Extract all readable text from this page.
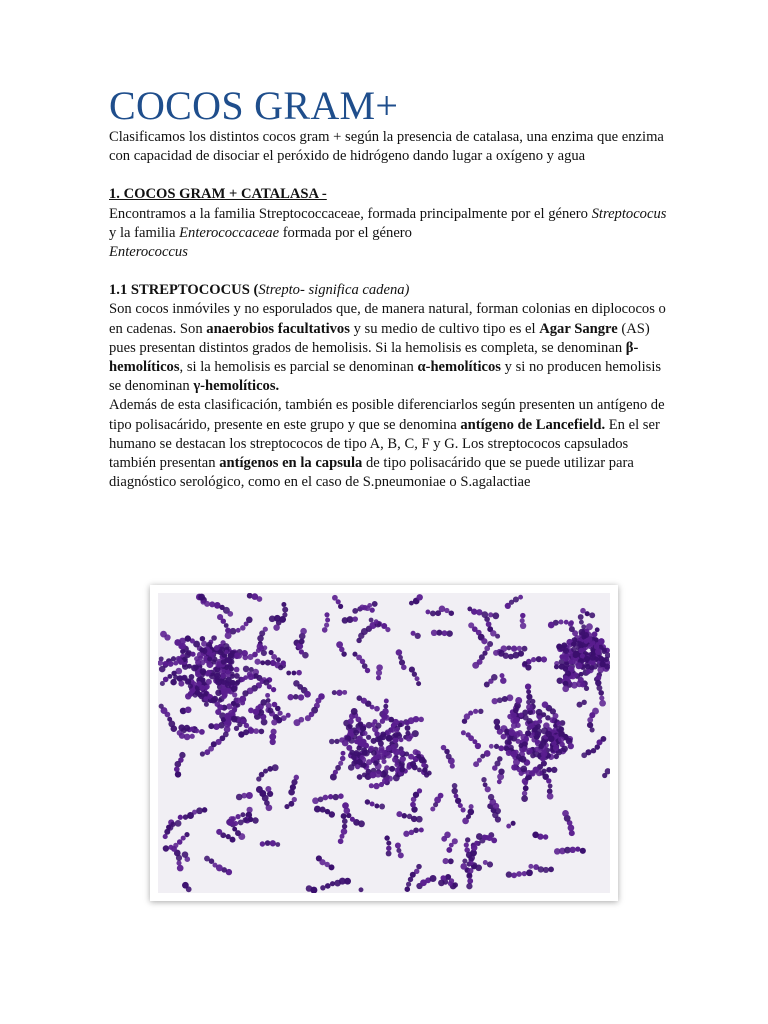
COCOS GRAM+

Clasificamos los distintos cocos gram + según la presencia de catalasa, una enzima que enzima con capacidad de disociar el peróxido de hidrógeno dando lugar a oxígeno y agua

1. COCOS GRAM + CATALASA -

Encontramos a la familia Streptococcaceae, formada principalmente por el género Streptococus y la familia Enterococcaceae formada por el género
Enterococcus

1.1 STREPTOCOCUS (Strepto- significa cadena)

Son cocos inmóviles y no esporulados que, de manera natural, forman colonias en diplococos o en cadenas. Son anaerobios facultativos y su medio de cultivo tipo es el Agar Sangre (AS) pues presentan distintos grados de hemolisis. Si la hemolisis es completa, se denominan β-hemolíticos, si la hemolisis es parcial se denominan α-hemolíticos y si no producen hemolisis se denominan γ-hemolíticos.

Además de esta clasificación, también es posible diferenciarlos según presenten un antígeno de tipo polisacárido, presente en este grupo y que se denomina antígeno de Lancefield. En el ser humano se destacan los streptococos de tipo A, B, C, F y G. Los streptococos capsulados también presentan antígenos en la capsula de tipo polisacárido que se puede utilizar para diagnóstico serológico, como en el caso de S.pneumoniae o S.agalactiae
